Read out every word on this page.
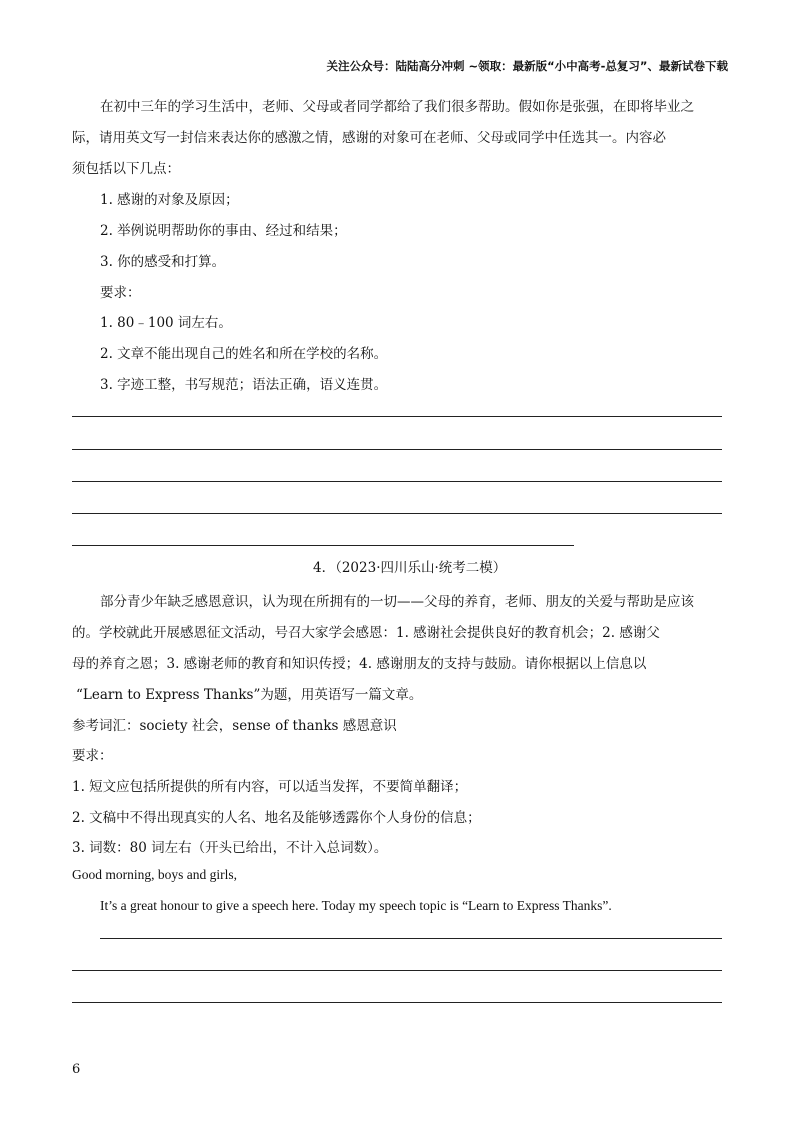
关注公众号：陆陆高分冲刺 ~领取：最新版“小中高考-总复习”、最新试卷下载
在初中三年的学习生活中，老师、父母或者同学都给了我们很多帮助。假如你是张强，在即将毕业之
际，请用英文写一封信来表达你的感激之情，感谢的对象可在老师、父母或同学中任选其一。内容必
须包括以下几点：
1. 感谢的对象及原因；
2. 举例说明帮助你的事由、经过和结果；
3. 你的感受和打算。
要求：
1. 80﹣100 词左右。
2. 文章不能出现自己的姓名和所在学校的名称。
3. 字迹工整，书写规范；语法正确，语义连贯。
4．（2023·四川乐山·统考二模）
部分青少年缺乏感恩意识，认为现在所拥有的一切——父母的养育，老师、朋友的关爱与帮助是应该
的。学校就此开展感恩征文活动，号召大家学会感恩：1. 感谢社会提供良好的教育机会；2. 感谢父
母的养育之恩；3. 感谢老师的教育和知识传授；4. 感谢朋友的支持与鼓励。请你根据以上信息以
“Learn to Express Thanks”为题，用英语写一篇文章。
参考词汇：society 社会，sense of thanks 感恩意识
要求：
1. 短文应包括所提供的所有内容，可以适当发挥，不要简单翻译；
2. 文稿中不得出现真实的人名、地名及能够透露你个人身份的信息；
3. 词数：80 词左右（开头已给出，不计入总词数）。
Good morning, boys and girls,
It’s a great honour to give a speech here. Today my speech topic is “Learn to Express Thanks”.
6
